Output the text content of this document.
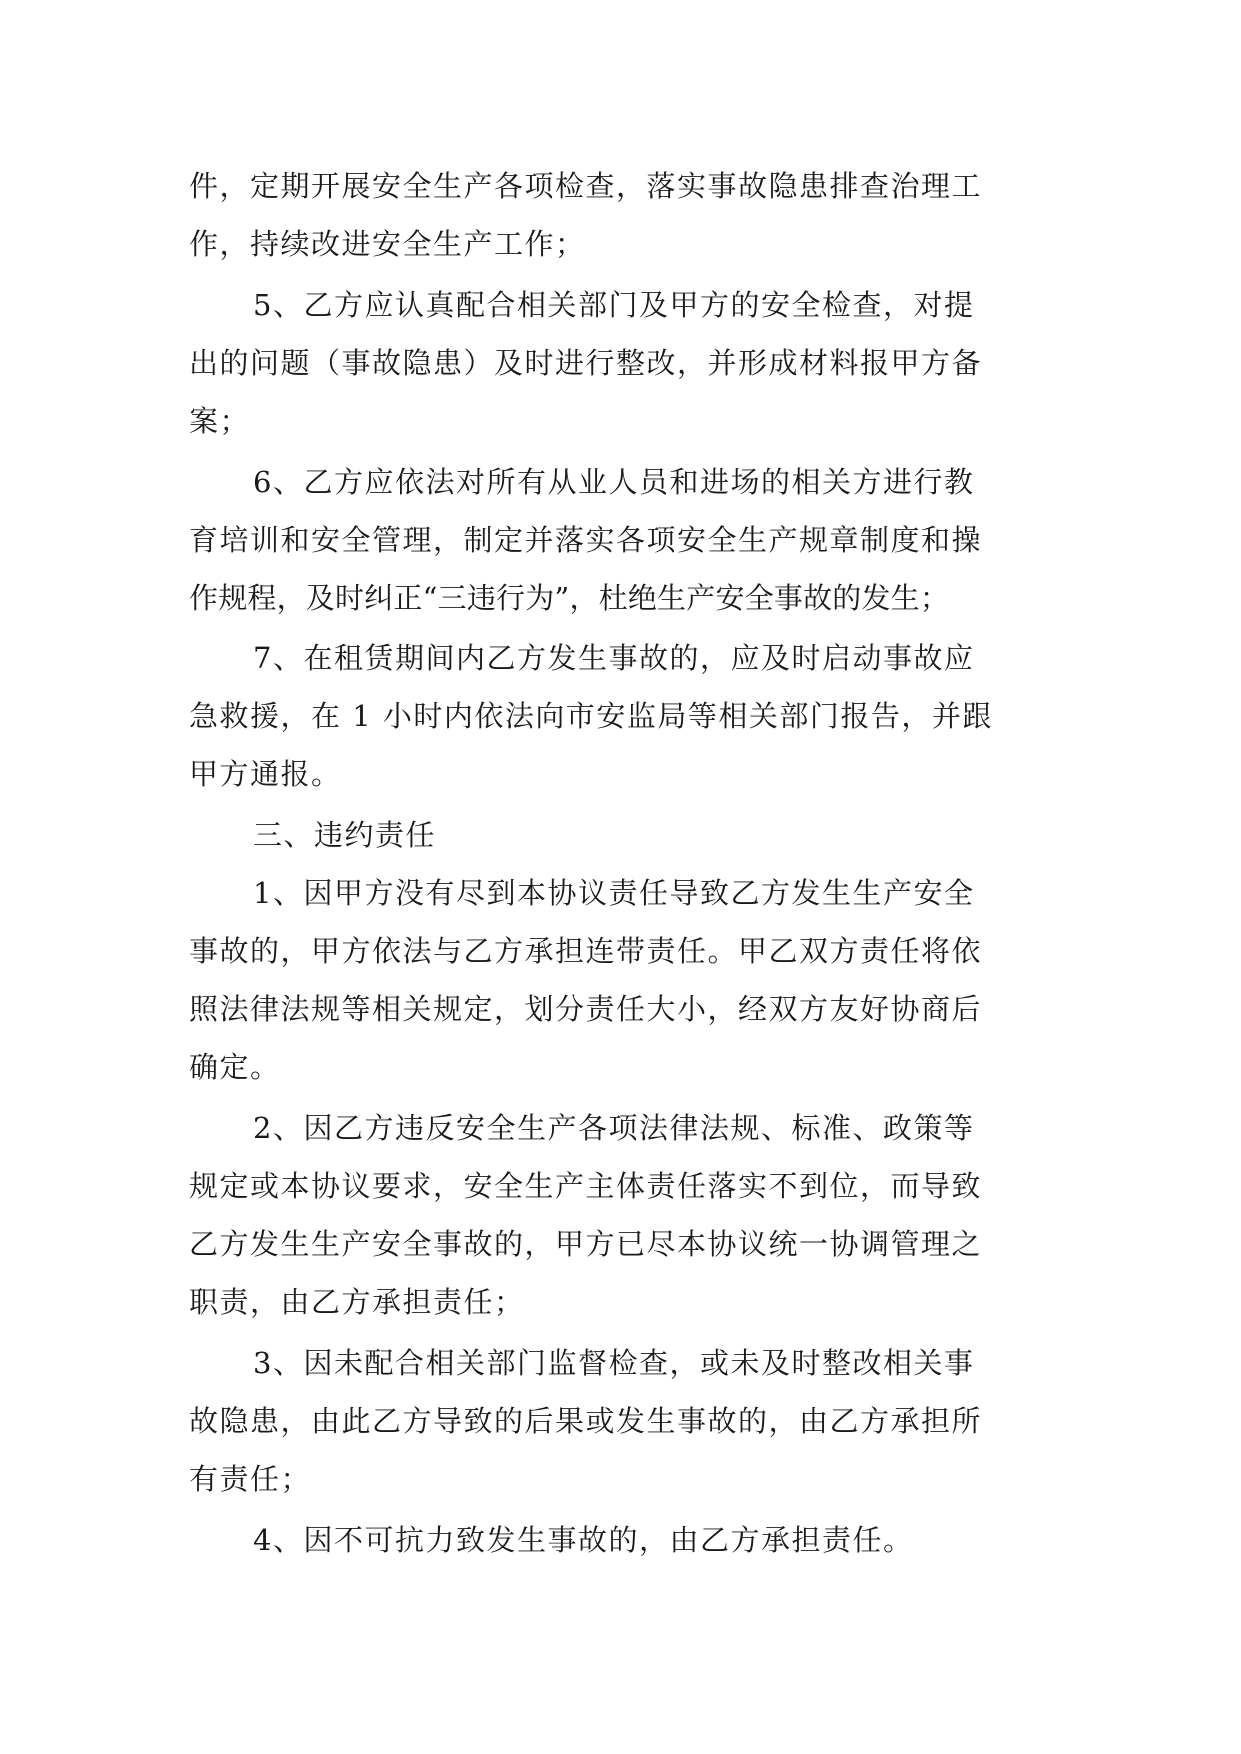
件，定期开展安全生产各项检查，落实事故隐患排查治理工
作，持续改进安全生产工作；
5、乙方应认真配合相关部门及甲方的安全检查，对提
出的问题（事故隐患）及时进行整改，并形成材料报甲方备
案；
6、乙方应依法对所有从业人员和进场的相关方进行教
育培训和安全管理，制定并落实各项安全生产规章制度和操
作规程，及时纠正“三违行为”，杜绝生产安全事故的发生；
7、在租赁期间内乙方发生事故的，应及时启动事故应
急救援，在 1 小时内依法向市安监局等相关部门报告，并跟
甲方通报。
三、违约责任
1、因甲方没有尽到本协议责任导致乙方发生生产安全
事故的，甲方依法与乙方承担连带责任。甲乙双方责任将依
照法律法规等相关规定，划分责任大小，经双方友好协商后
确定。
2、因乙方违反安全生产各项法律法规、标准、政策等
规定或本协议要求，安全生产主体责任落实不到位，而导致
乙方发生生产安全事故的，甲方已尽本协议统一协调管理之
职责，由乙方承担责任；
3、因未配合相关部门监督检查，或未及时整改相关事
故隐患，由此乙方导致的后果或发生事故的，由乙方承担所
有责任；
4、因不可抗力致发生事故的，由乙方承担责任。
